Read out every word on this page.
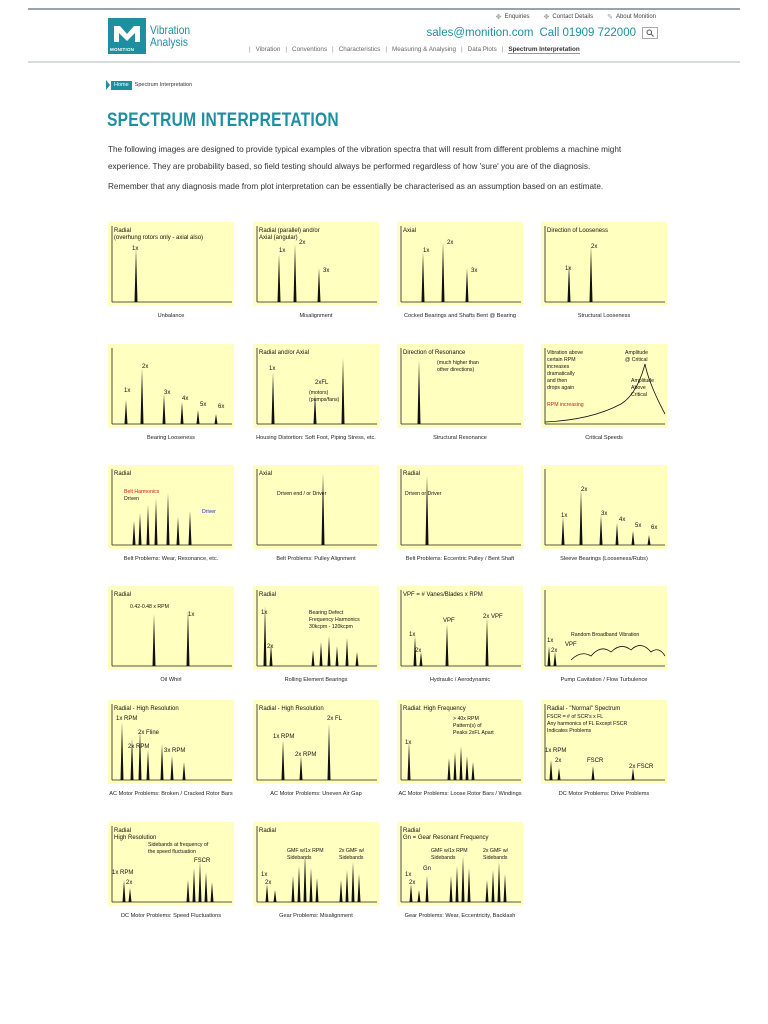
MONITION
Vibration
Analysis
✥ Enquiries ✥ Contact Details ✎ About Monition
sales@monition.com Call 01909 722000
| Vibration | Conventions | Characteristics | Measuring & Analysing | Data Plots | Spectrum Interpretation
Home	Spectrum Interpretation
SPECTRUM INTERPRETATION

The following images are designed to provide typical examples of the vibration spectra that will result from different problems a machine might experience. They are probability based, so field testing should always be performed regardless of how 'sure' you are of the diagnosis.

Remember that any diagnosis made from plot interpretation can be essentially be characterised as an assumption based on an estimate.

Radial
(overhung rotors only - axial also)
1x
Unbalance
Radial (parallel) and/or
Axial (angular)
1x
2x
3x
Misalignment
Axial
1x
2x
3x
Cocked Bearings and Shafts Bent @ Bearing
Direction of Looseness
1x
2x
Structural Looseness
1x
2x
3x
4x
5x 6x
Bearing Looseness
Radial and/or Axial
1x
2xFL
(motors)
(pumps/fans)
Housing Distortion: Soft Foot, Piping Stress, etc.
Direction of Resonance
(much higher than
other directions)
Structural Resonance
Vibration above
certain RPM
increases
dramatically
and then
drops again
Amplitude
@ Critical
Amplitude
Above
Critical
RPM increasing
Critical Speeds
Radial
Belt Harmonics
Driven
Driver
Belt Problems: Wear, Resonance, etc.
Axial
Driven end / or Driver
Belt Problems: Pulley Alignment
Radial
Driven or Driver
Belt Problems: Eccentric Pulley / Bent Shaft
1x
2x
3x
4x
5x 6x
Sleeve Bearings (Looseness/Rubs)
Radial
1x
0.42-0.48 x RPM
Oil Whirl
Radial
1x
2x
Bearing Defect
Frequency Harmonics
30kcpm - 120kcpm
Rolling Element Bearings
VPF = # Vanes/Blades x RPM
1x
2x
VPF
2x VPF
Hydraulic / Aerodynamic
1x
2x
VPF
Random Broadband Vibration
Pump Cavitation / Flow Turbulence
Radial - High Resolution
1x RPM
2x Fline
2x RPM
3x RPM
AC Motor Problems: Broken / Cracked Rotor Bars
Radial - High Resolution
1x RPM
2x RPM
2x FL
AC Motor Problems: Uneven Air Gap
Radial: High Frequency
1x
> 40x RPM
Pattern(s) of
Peaks 2xFL Apart
AC Motor Problems: Loose Rotor Bars / Windings
Radial - "Normal" Spectrum
1x RPM
2x	FSCR
2x FSCR
FSCR = # of SCR's x FL
Any harmonics of FL Except FSCR
Indicates Problems
DC Motor Problems: Drive Problems
Radial
High Resolution
1x RPM
2x
FSCR
Sidebands at frequency of
the speed fluctuation
DC Motor Problems: Speed Fluctuations
Radial
1x
2x
GMF w/1x RPM
Sidebands
2x GMF w/
Sidebands
Gear Problems: Misalignment
Radial
Gn = Gear Resonant Frequency
1x
2x
Gn
GMF w/1x RPM
Sidebands
2x GMF w/
Sidebands
Gear Problems: Wear, Eccentricity, Backlash
